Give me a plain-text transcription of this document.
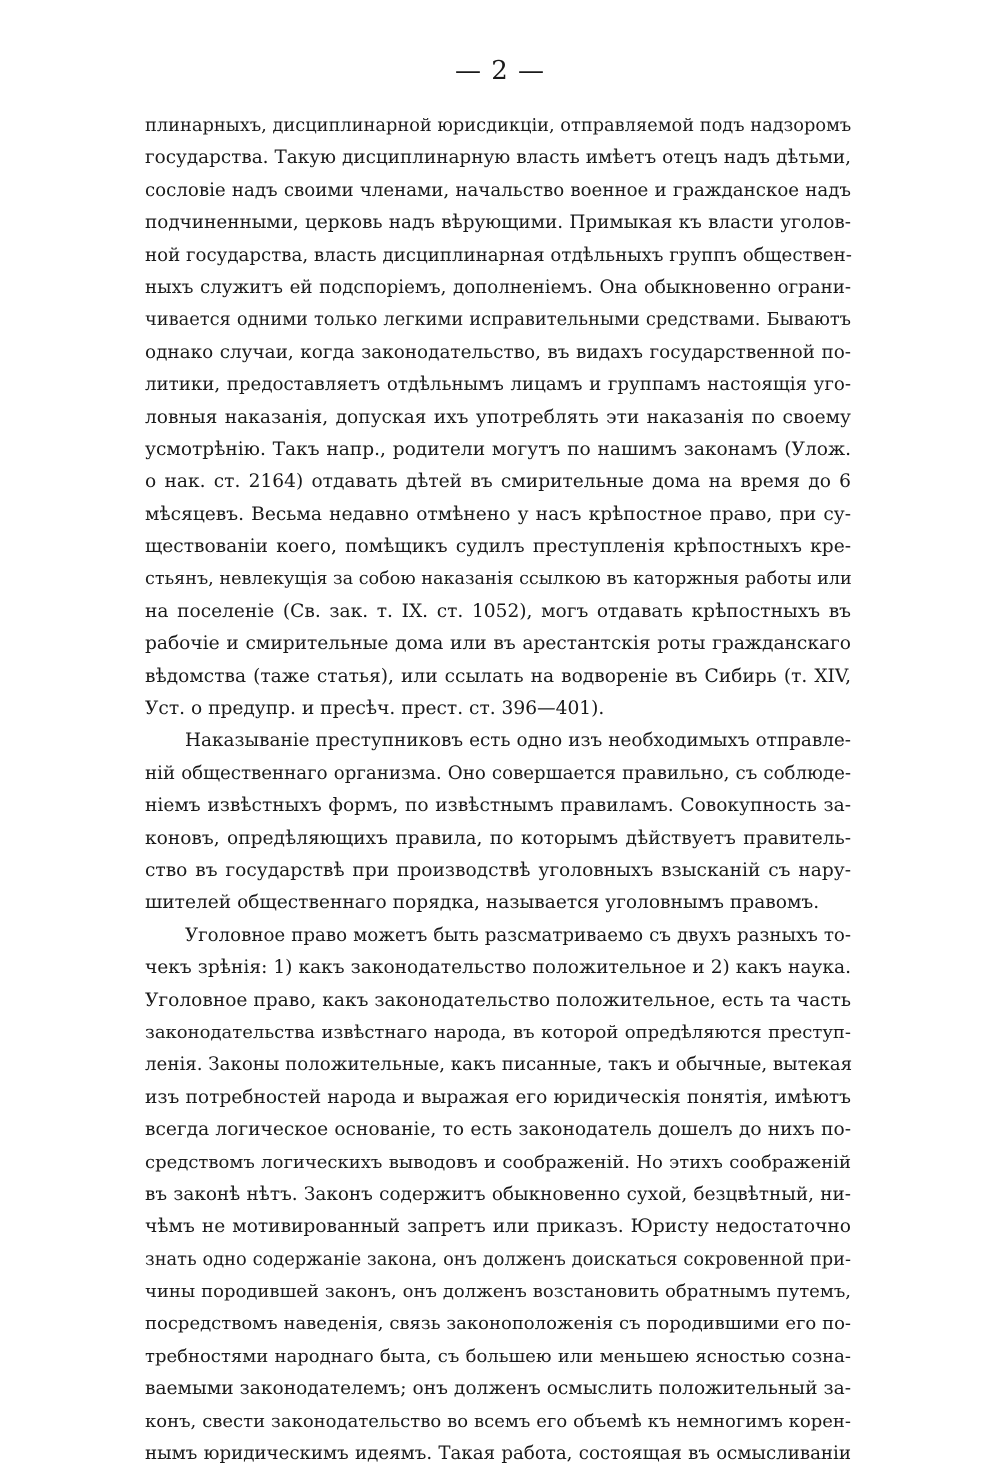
— 2 —
плинарныхъ, дисциплинарной юрисдикціи, отправляемой подъ надзоромъ
государства. Такую дисциплинарную власть имѣетъ отецъ надъ дѣтьми,
сословіе надъ своими членами, начальство военное и гражданское надъ
подчиненными, церковь надъ вѣрующими. Примыкая къ власти уголов-
ной государства, власть дисциплинарная отдѣльныхъ группъ обществен-
ныхъ служитъ ей подспоріемъ, дополненіемъ. Она обыкновенно ограни-
чивается одними только легкими исправительными средствами. Бываютъ
однако случаи, когда законодательство, въ видахъ государственной по-
литики, предоставляетъ отдѣльнымъ лицамъ и группамъ настоящія уго-
ловныя наказанія, допуская ихъ употреблять эти наказанія по своему
усмотрѣнію. Такъ напр., родители могутъ по нашимъ законамъ (Улож.
о нак. ст. 2164) отдавать дѣтей въ смирительные дома на время до 6
мѣсяцевъ. Весьма недавно отмѣнено у насъ крѣпостное право, при су-
ществованіи коего, помѣщикъ судилъ преступленія крѣпостныхъ кре-
стьянъ, невлекущія за собою наказанія ссылкою въ каторжныя работы или
на поселеніе (Св. зак. т. IX. ст. 1052), могъ отдавать крѣпостныхъ въ
рабочіе и смирительные дома или въ арестантскія роты гражданскаго
вѣдомства (таже статья), или ссылать на водвореніе въ Сибирь (т. XIV,
Уст. о предупр. и пресѣч. прест. ст. 396—401).
Наказываніе преступниковъ есть одно изъ необходимыхъ отправле-
ній общественнаго организма. Оно совершается правильно, съ соблюде-
ніемъ извѣстныхъ формъ, по извѣстнымъ правиламъ. Совокупность за-
коновъ, опредѣляющихъ правила, по которымъ дѣйствуетъ правитель-
ство въ государствѣ при производствѣ уголовныхъ взысканій съ нару-
шителей общественнаго порядка, называется уголовнымъ правомъ.
Уголовное право можетъ быть разсматриваемо съ двухъ разныхъ то-
чекъ зрѣнія: 1) какъ законодательство положительное и 2) какъ наука.
Уголовное право, какъ законодательство положительное, есть та часть
законодательства извѣстнаго народа, въ которой опредѣляются преступ-
ленія. Законы положительные, какъ писанные, такъ и обычные, вытекая
изъ потребностей народа и выражая его юридическія понятія, имѣютъ
всегда логическое основаніе, то есть законодатель дошелъ до нихъ по-
средствомъ логическихъ выводовъ и соображеній. Но этихъ соображеній
въ законѣ нѣтъ. Законъ содержитъ обыкновенно сухой, безцвѣтный, ни-
чѣмъ не мотивированный запретъ или приказъ. Юристу недостаточно
знать одно содержаніе закона, онъ долженъ доискаться сокровенной при-
чины породившей законъ, онъ долженъ возстановить обратнымъ путемъ,
посредствомъ наведенія, связь законоположенія съ породившими его по-
требностями народнаго быта, съ большею или меньшею ясностью созна-
ваемыми законодателемъ; онъ долженъ осмыслить положительный за-
конъ, свести законодательство во всемъ его объемѣ къ немногимъ корен-
нымъ юридическимъ идеямъ. Такая работа, состоящая въ осмысливаніи
